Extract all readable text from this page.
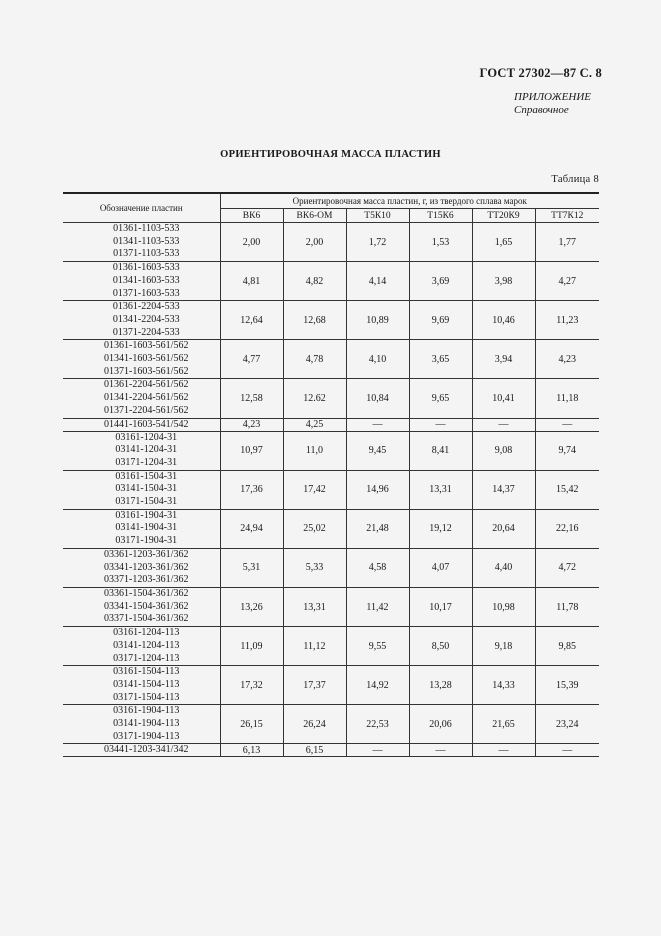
ГОСТ 27302—87 С. 8
ПРИЛОЖЕНИЕ
Справочное
ОРИЕНТИРОВОЧНАЯ МАССА ПЛАСТИН
Таблица 8
Обозначение пластин	Ориентировочная масса пластин, г, из твердого сплава марок					
	ВК6	ВК6-ОМ	Т5К10	Т15К6	ТТ20К9	ТТ7К12

01361-1103-533
01341-1103-533
01371-1103-533	2,00	2,00	1,72	1,53	1,65	1,77

01361-1603-533
01341-1603-533
01371-1603-533	4,81	4,82	4,14	3,69	3,98	4,27

01361-2204-533
01341-2204-533
01371-2204-533	12,64	12,68	10,89	9,69	10,46	11,23

01361-1603-561/562
01341-1603-561/562
01371-1603-561/562	4,77	4,78	4,10	3,65	3,94	4,23

01361-2204-561/562
01341-2204-561/562
01371-2204-561/562	12,58	12.62	10,84	9,65	10,41	11,18

01441-1603-541/542	4,23	4,25	—	—	—	—

03161-1204-31
03141-1204-31
03171-1204-31	10,97	11,0	9,45	8,41	9,08	9,74

03161-1504-31
03141-1504-31
03171-1504-31	17,36	17,42	14,96	13,31	14,37	15,42

03161-1904-31
03141-1904-31
03171-1904-31	24,94	25,02	21,48	19,12	20,64	22,16

03361-1203-361/362
03341-1203-361/362
03371-1203-361/362	5,31	5,33	4,58	4,07	4,40	4,72

03361-1504-361/362
03341-1504-361/362
03371-1504-361/362	13,26	13,31	11,42	10,17	10,98	11,78

03161-1204-113
03141-1204-113
03171-1204-113	11,09	11,12	9,55	8,50	9,18	9,85

03161-1504-113
03141-1504-113
03171-1504-113	17,32	17,37	14,92	13,28	14,33	15,39

03161-1904-113
03141-1904-113
03171-1904-113	26,15	26,24	22,53	20,06	21,65	23,24

03441-1203-341/342	6,13	6,15	—	—	—	—
